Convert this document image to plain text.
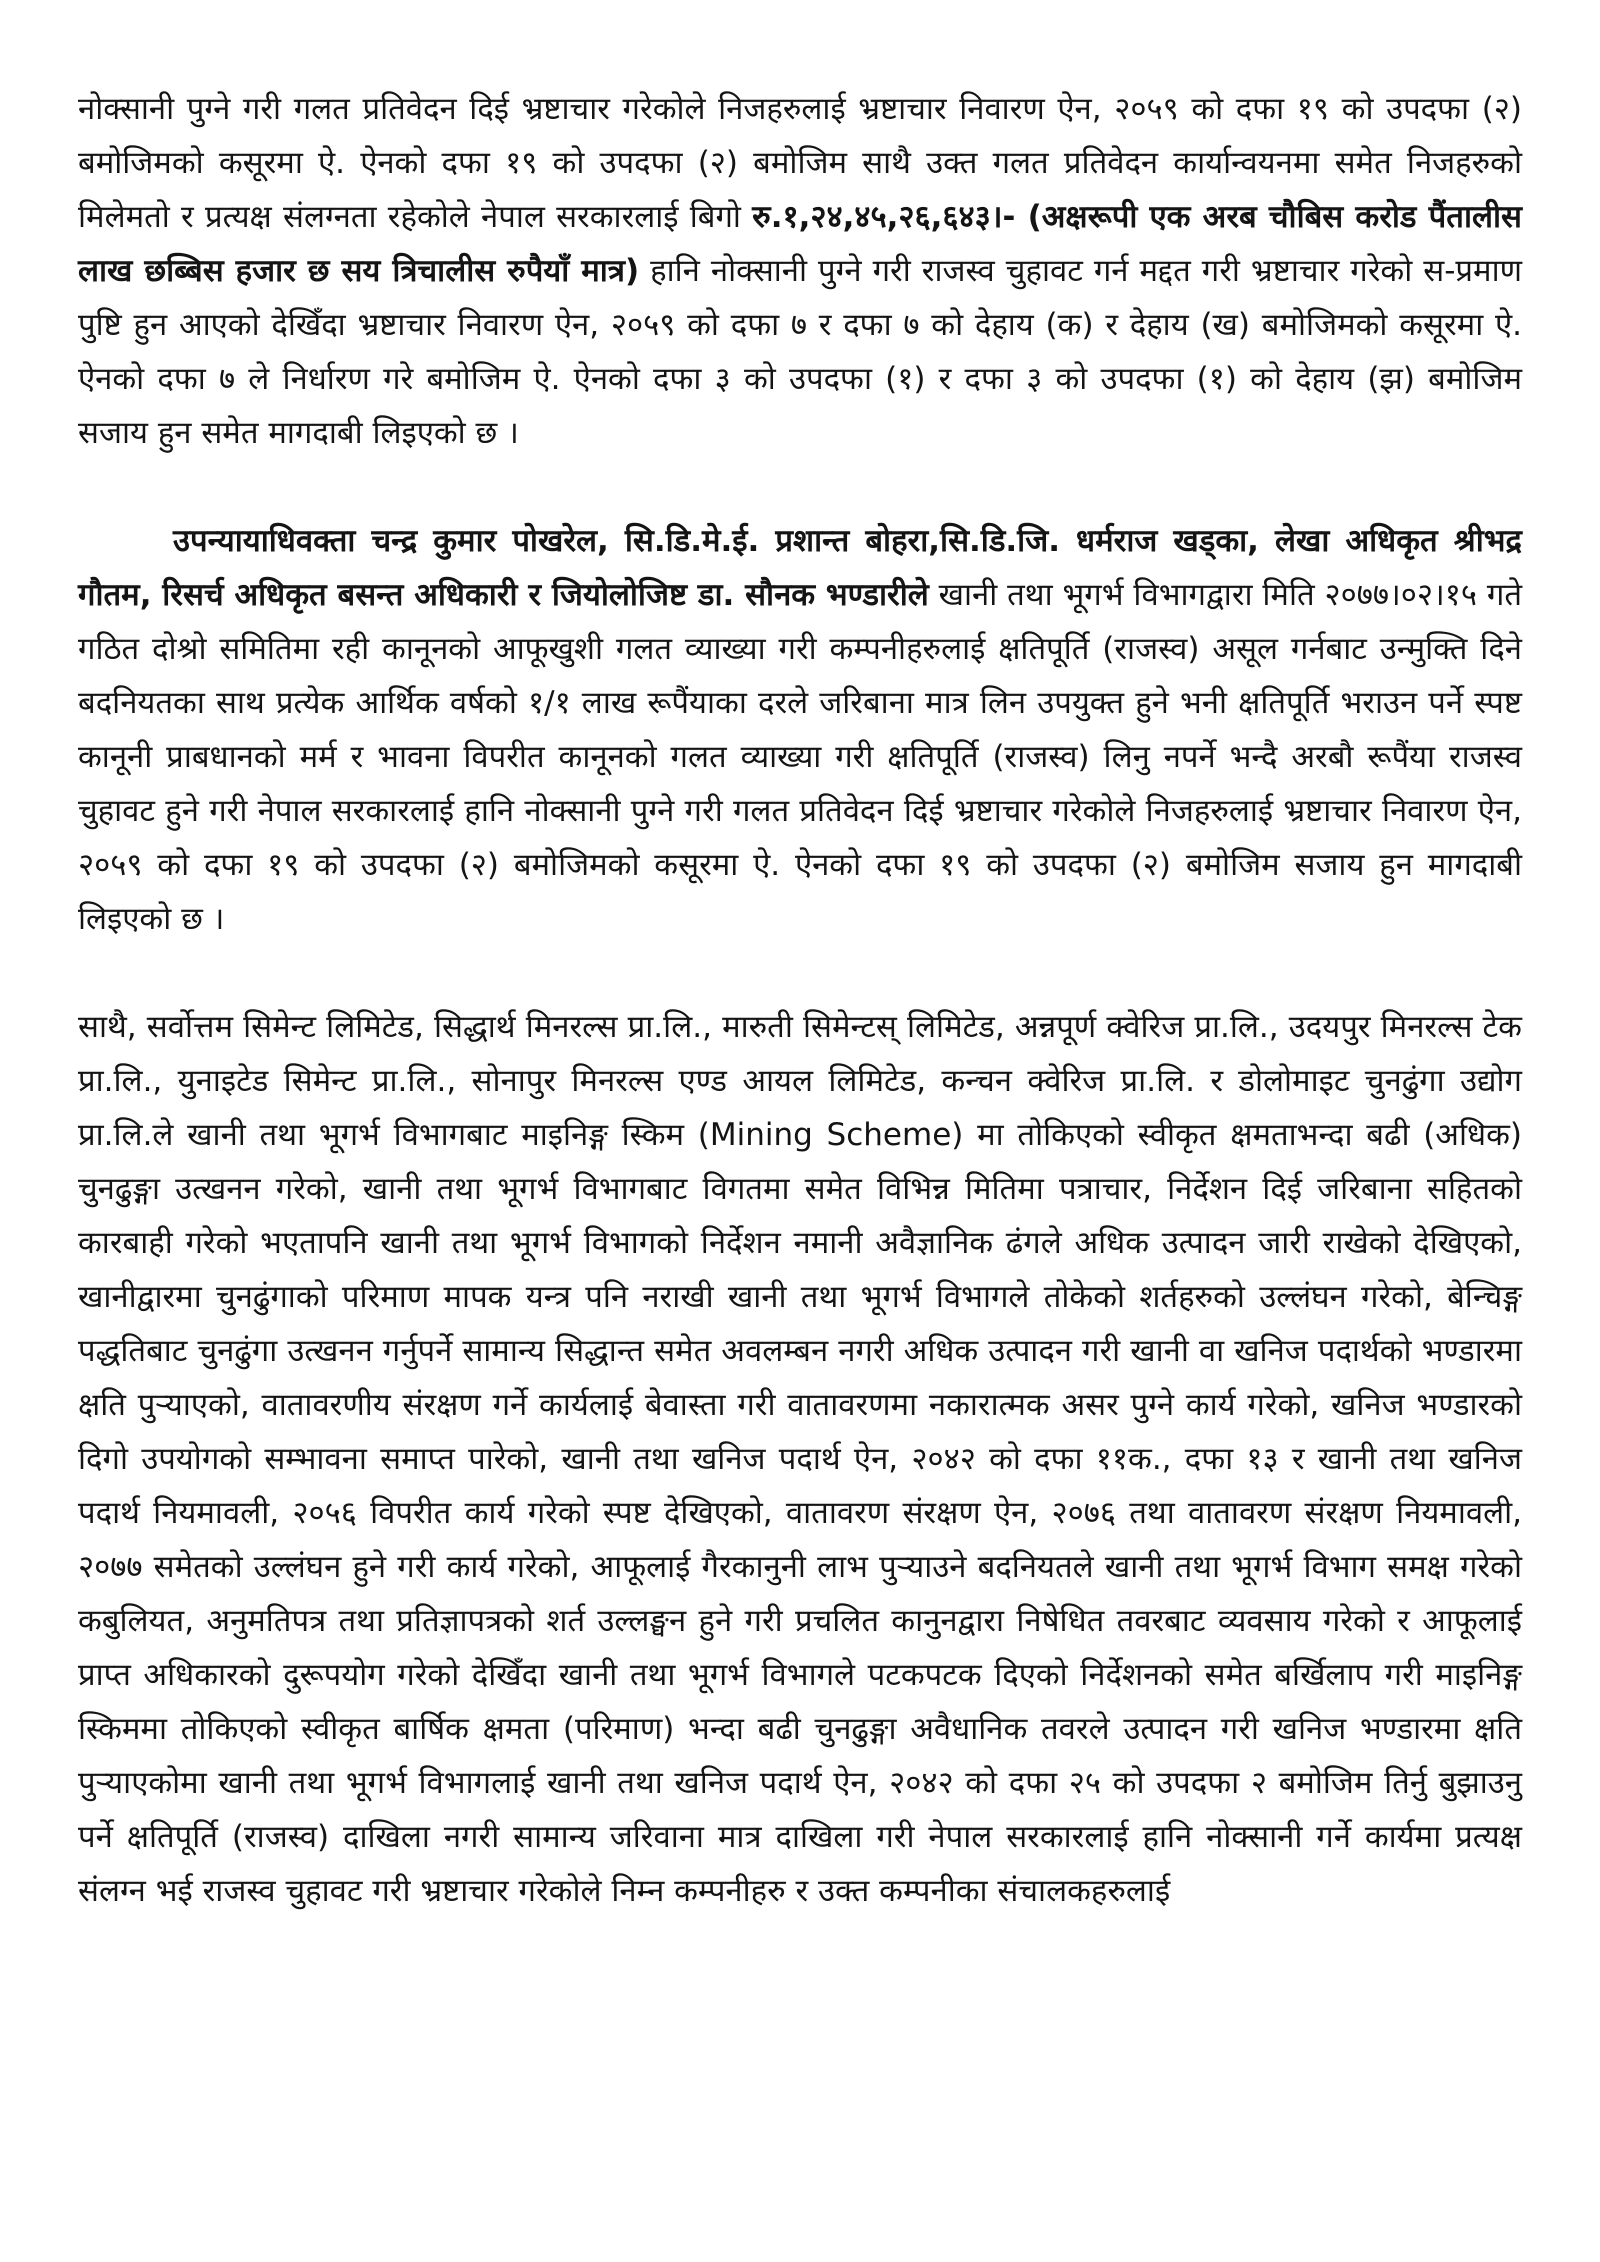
नोक्सानी पुग्ने गरी गलत प्रतिवेदन दिई भ्रष्टाचार गरेकोले निजहरुलाई भ्रष्टाचार निवारण ऐन, २०५९ को दफा १९ को उपदफा (२) बमोजिमको कसूरमा ऐ. ऐनको दफा १९ को उपदफा (२) बमोजिम साथै उक्त गलत प्रतिवेदन कार्यान्वयनमा समेत निजहरुको मिलेमतो र प्रत्यक्ष संलग्नता रहेकोले नेपाल सरकारलाई बिगो रु.१,२४,४५,२६,६४३।- (अक्षरूपी एक अरब चौबिस करोड पैंतालीस लाख छब्बिस हजार छ सय त्रिचालीस रुपैयाँ मात्र) हानि नोक्सानी पुग्ने गरी राजस्व चुहावट गर्न मद्दत गरी भ्रष्टाचार गरेको स-प्रमाण पुष्टि हुन आएको देखिँदा भ्रष्टाचार निवारण ऐन, २०५९ को दफा ७ र दफा ७ को देहाय (क) र देहाय (ख) बमोजिमको कसूरमा ऐ. ऐनको दफा ७ ले निर्धारण गरे बमोजिम ऐ. ऐनको दफा ३ को उपदफा (१) र दफा ३ को उपदफा (१) को देहाय (झ) बमोजिम सजाय हुन समेत मागदाबी लिइएको छ ।

उपन्यायाधिवक्ता चन्द्र कुमार पोखरेल, सि.डि.मे.ई. प्रशान्त बोहरा,सि.डि.जि. धर्मराज खड्का, लेखा अधिकृत श्रीभद्र गौतम, रिसर्च अधिकृत बसन्त अधिकारी र जियोलोजिष्ट डा. सौनक भण्डारीले खानी तथा भूगर्भ विभागद्वारा मिति २०७७।०२।१५ गते गठित दोश्रो समितिमा रही कानूनको आफूखुशी गलत व्याख्या गरी कम्पनीहरुलाई क्षतिपूर्ति (राजस्व) असूल गर्नबाट उन्मुक्ति दिने बदनियतका साथ प्रत्येक आर्थिक वर्षको १/१ लाख रूपैंयाका दरले जरिबाना मात्र लिन उपयुक्त हुने भनी क्षतिपूर्ति भराउन पर्ने स्पष्ट कानूनी प्राबधानको मर्म र भावना विपरीत कानूनको गलत व्याख्या गरी क्षतिपूर्ति (राजस्व) लिनु नपर्ने भन्दै अरबौ रूपैंया राजस्व चुहावट हुने गरी नेपाल सरकारलाई हानि नोक्सानी पुग्ने गरी गलत प्रतिवेदन दिई भ्रष्टाचार गरेकोले निजहरुलाई भ्रष्टाचार निवारण ऐन, २०५९ को दफा १९ को उपदफा (२) बमोजिमको कसूरमा ऐ. ऐनको दफा १९ को उपदफा (२) बमोजिम सजाय हुन मागदाबी लिइएको छ ।

साथै, सर्वोत्तम सिमेन्ट लिमिटेड, सिद्धार्थ मिनरल्स प्रा.लि., मारुती सिमेन्टस् लिमिटेड, अन्नपूर्ण क्वेरिज प्रा.लि., उदयपुर मिनरल्स टेक प्रा.लि., युनाइटेड सिमेन्ट प्रा.लि., सोनापुर मिनरल्स एण्ड आयल लिमिटेड, कन्चन क्वेरिज प्रा.लि. र डोलोमाइट चुनढुंगा उद्योग प्रा.लि.ले खानी तथा भूगर्भ विभागबाट माइनिङ्ग स्किम (Mining Scheme) मा तोकिएको स्वीकृत क्षमताभन्दा बढी (अधिक) चुनढुङ्गा उत्खनन गरेको, खानी तथा भूगर्भ विभागबाट विगतमा समेत विभिन्न मितिमा पत्राचार, निर्देशन दिई जरिबाना सहितको कारबाही गरेको भएतापनि खानी तथा भूगर्भ विभागको निर्देशन नमानी अवैज्ञानिक ढंगले अधिक उत्पादन जारी राखेको देखिएको, खानीद्वारमा चुनढुंगाको परिमाण मापक यन्त्र पनि नराखी खानी तथा भूगर्भ विभागले तोकेको शर्तहरुको उल्लंघन गरेको, बेन्चिङ्ग पद्धतिबाट चुनढुंगा उत्खनन गर्नुपर्ने सामान्य सिद्धान्त समेत अवलम्बन नगरी अधिक उत्पादन गरी खानी वा खनिज पदार्थको भण्डारमा क्षति पुऱ्याएको, वातावरणीय संरक्षण गर्ने कार्यलाई बेवास्ता गरी वातावरणमा नकारात्मक असर पुग्ने कार्य गरेको, खनिज भण्डारको दिगो उपयोगको सम्भावना समाप्त पारेको, खानी तथा खनिज पदार्थ ऐन, २०४२ को दफा ११क., दफा १३ र खानी तथा खनिज पदार्थ नियमावली, २०५६ विपरीत कार्य गरेको स्पष्ट देखिएको, वातावरण संरक्षण ऐन, २०७६ तथा वातावरण संरक्षण नियमावली, २०७७ समेतको उल्लंघन हुने गरी कार्य गरेको, आफूलाई गैरकानुनी लाभ पुऱ्याउने बदनियतले खानी तथा भूगर्भ विभाग समक्ष गरेको कबुलियत, अनुमतिपत्र तथा प्रतिज्ञापत्रको शर्त उल्लङ्घन हुने गरी प्रचलित कानुनद्वारा निषेधित तवरबाट व्यवसाय गरेको र आफूलाई प्राप्त अधिकारको दुरूपयोग गरेको देखिँदा खानी तथा भूगर्भ विभागले पटकपटक दिएको निर्देशनको समेत बर्खिलाप गरी माइनिङ्ग स्किममा तोकिएको स्वीकृत बार्षिक क्षमता (परिमाण) भन्दा बढी चुनढुङ्गा अवैधानिक तवरले उत्पादन गरी खनिज भण्डारमा क्षति पुऱ्याएकोमा खानी तथा भूगर्भ विभागलाई खानी तथा खनिज पदार्थ ऐन, २०४२ को दफा २५ को उपदफा २ बमोजिम तिर्नु बुझाउनु पर्ने क्षतिपूर्ति (राजस्व) दाखिला नगरी सामान्य जरिवाना मात्र दाखिला गरी नेपाल सरकारलाई हानि नोक्सानी गर्ने कार्यमा प्रत्यक्ष संलग्न भई राजस्व चुहावट गरी भ्रष्टाचार गरेकोले निम्न कम्पनीहरु र उक्त कम्पनीका संचालकहरुलाई
